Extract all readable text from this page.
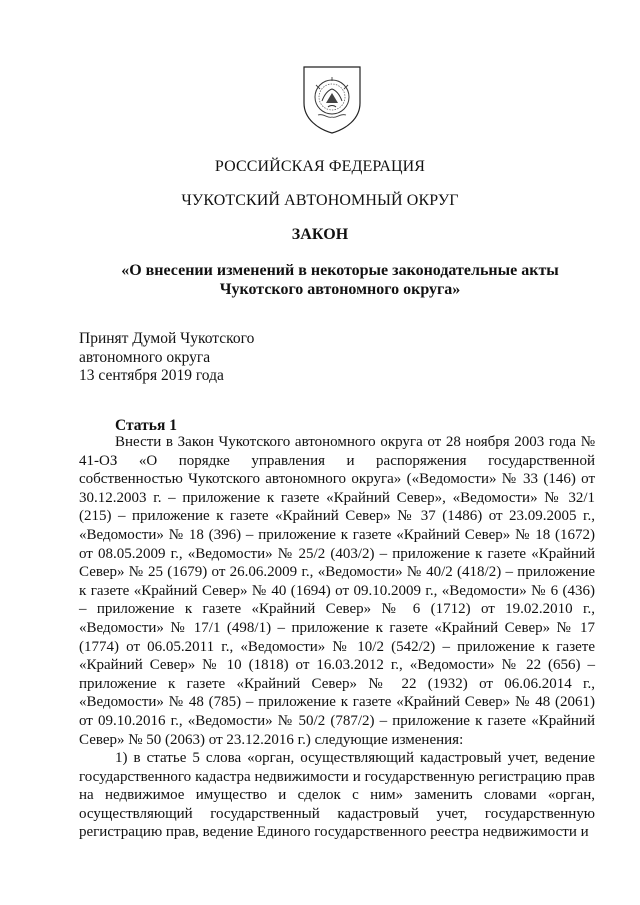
РОССИЙСКАЯ ФЕДЕРАЦИЯ
ЧУКОТСКИЙ АВТОНОМНЫЙ ОКРУГ
ЗАКОН
«О внесении изменений в некоторые законодательные акты
Чукотского автономного округа»
Принят Думой Чукотского
автономного округа
13 сентября 2019 года
Статья 1

Внести в Закон Чукотского автономного округа от 28 ноября 2003 года № 41-ОЗ «О порядке управления и распоряжения государственной собственностью Чукотского автономного округа» («Ведомости» № 33 (146) от 30.12.2003 г. – приложение к газете «Крайний Север», «Ведомости» № 32/1 (215) – приложение к газете «Крайний Север» № 37 (1486) от 23.09.2005 г., «Ведомости» № 18 (396) – приложение к газете «Крайний Север» № 18 (1672) от 08.05.2009 г., «Ведомости» № 25/2 (403/2) – приложение к газете «Крайний Север» № 25 (1679) от 26.06.2009 г., «Ведомости» № 40/2 (418/2) – приложение к газете «Крайний Север» № 40 (1694) от 09.10.2009 г., «Ведомости» № 6 (436) – приложение к газете «Крайний Север» № 6 (1712) от 19.02.2010 г., «Ведомости» № 17/1 (498/1) – приложение к газете «Крайний Север» № 17 (1774) от 06.05.2011 г., «Ведомости» № 10/2 (542/2) – приложение к газете «Крайний Север» № 10 (1818) от 16.03.2012 г., «Ведомости» № 22 (656) – приложение к газете «Крайний Север» № 22 (1932) от 06.06.2014 г., «Ведомости» № 48 (785) – приложение к газете «Крайний Север» № 48 (2061) от 09.10.2016 г., «Ведомости» № 50/2 (787/2) – приложение к газете «Крайний Север» № 50 (2063) от 23.12.2016 г.) следующие изменения:

1) в статье 5 слова «орган, осуществляющий кадастровый учет, ведение государственного кадастра недвижимости и государственную регистрацию прав на недвижимое имущество и сделок с ним» заменить словами «орган, осуществляющий государственный кадастровый учет, государственную регистрацию прав, ведение Единого государственного реестра недвижимости и
